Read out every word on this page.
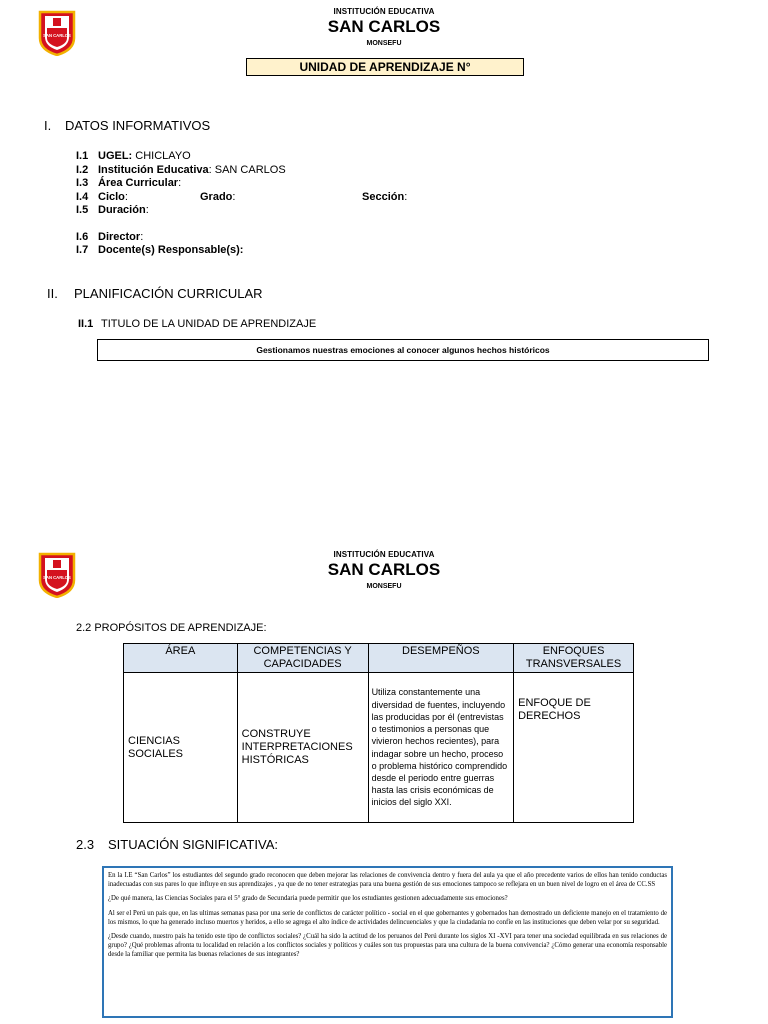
SAN CARLOS
INSTITUCIÓN EDUCATIVA
SAN CARLOS
MONSEFU
UNIDAD DE APRENDIZAJE N°
I. DATOS INFORMATIVOS
I.1 UGEL: CHICLAYO
I.2 Institución Educativa: SAN CARLOS
I.3 Área Curricular:
I.4 Ciclo:	Grado:	Sección:
I.5 Duración:
I.6 Director:
I.7 Docente(s) Responsable(s):
II. PLANIFICACIÓN CURRICULAR
II.1 TITULO DE LA UNIDAD DE APRENDIZAJE
Gestionamos nuestras emociones al conocer algunos hechos históricos
SAN CARLOS
INSTITUCIÓN EDUCATIVA
SAN CARLOS
MONSEFU
2.2 PROPÓSITOS DE APRENDIZAJE:
ÁREA	COMPETENCIAS Y CAPACIDADES	DESEMPEÑOS	ENFOQUES TRANSVERSALES
CIENCIAS SOCIALES	CONSTRUYE INTERPRETACIONES HISTÓRICAS	Utiliza constantemente una diversidad de fuentes, incluyendo las producidas por él (entrevistas o testimonios a personas que vivieron hechos recientes), para indagar sobre un hecho, proceso o problema histórico comprendido desde el periodo entre guerras hasta las crisis económicas de inicios del siglo XXI.	ENFOQUE DE DERECHOS
2.3 SITUACIÓN SIGNIFICATIVA:

En la I.E “San Carlos” los estudiantes del segundo grado reconocen que deben mejorar las relaciones de convivencia dentro y fuera del aula ya que el año precedente varios de ellos han tenido conductas inadecuadas con sus pares lo que influye en sus aprendizajes , ya que de no tener estrategias para una buena gestión de sus emociones tampoco se reflejara en un buen nivel de logro en el área de CC.SS

¿De qué manera, las Ciencias Sociales para el 5° grado de Secundaria puede permitir que los estudiantes gestionen adecuadamente sus emociones?

Al ser el Perú un país que, en las ultimas semanas pasa por una serie de conflictos de carácter político - social en el que gobernantes y gobernados han demostrado un deficiente manejo en el tratamiento de los mismos, lo que ha generado incluso muertos y heridos, a ello se agrega el alto índice de actividades delincuenciales y que la ciudadanía no confíe en las instituciones que deben velar por su seguridad.

¿Desde cuando, nuestro país ha tenido este tipo de conflictos sociales? ¿Cuál ha sido la actitud de los peruanos del Perú durante los siglos XI -XVI para tener una sociedad equilibrada en sus relaciones de grupo? ¿Qué problemas afronta tu localidad en relación a los conflictos sociales y políticos y cuáles son tus propuestas para una cultura de la buena convivencia? ¿Cómo generar una economía responsable desde la familiar que permita las buenas relaciones de sus integrantes?
